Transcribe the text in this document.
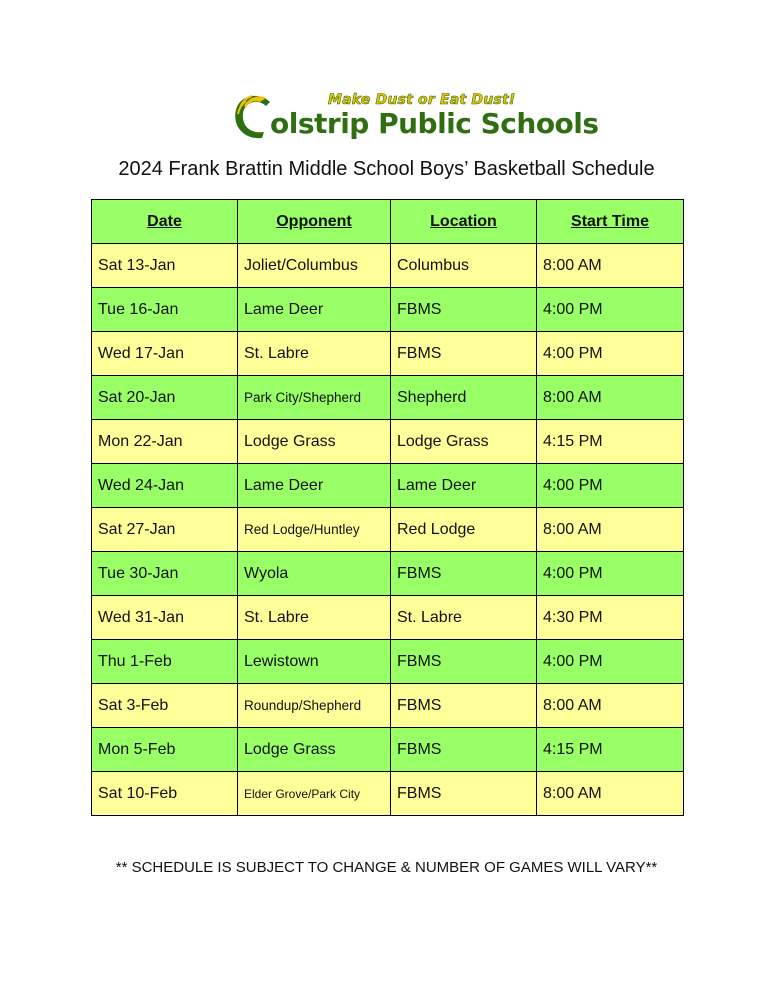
Make Dust or Eat Dust!
olstrip Public Schools
2024 Frank Brattin Middle School Boys’ Basketball Schedule
Date	Opponent	Location	Start Time
Sat 13-Jan	Joliet/Columbus	Columbus	8:00 AM
Tue 16-Jan	Lame Deer	FBMS	4:00 PM
Wed 17-Jan	St. Labre	FBMS	4:00 PM
Sat 20-Jan	Park City/Shepherd	Shepherd	8:00 AM
Mon 22-Jan	Lodge Grass	Lodge Grass	4:15 PM
Wed 24-Jan	Lame Deer	Lame Deer	4:00 PM
Sat 27-Jan	Red Lodge/Huntley	Red Lodge	8:00 AM
Tue 30-Jan	Wyola	FBMS	4:00 PM
Wed 31-Jan	St. Labre	St. Labre	4:30 PM
Thu 1-Feb	Lewistown	FBMS	4:00 PM
Sat 3-Feb	Roundup/Shepherd	FBMS	8:00 AM
Mon 5-Feb	Lodge Grass	FBMS	4:15 PM
Sat 10-Feb	Elder Grove/Park City	FBMS	8:00 AM
** SCHEDULE IS SUBJECT TO CHANGE & NUMBER OF GAMES WILL VARY**
